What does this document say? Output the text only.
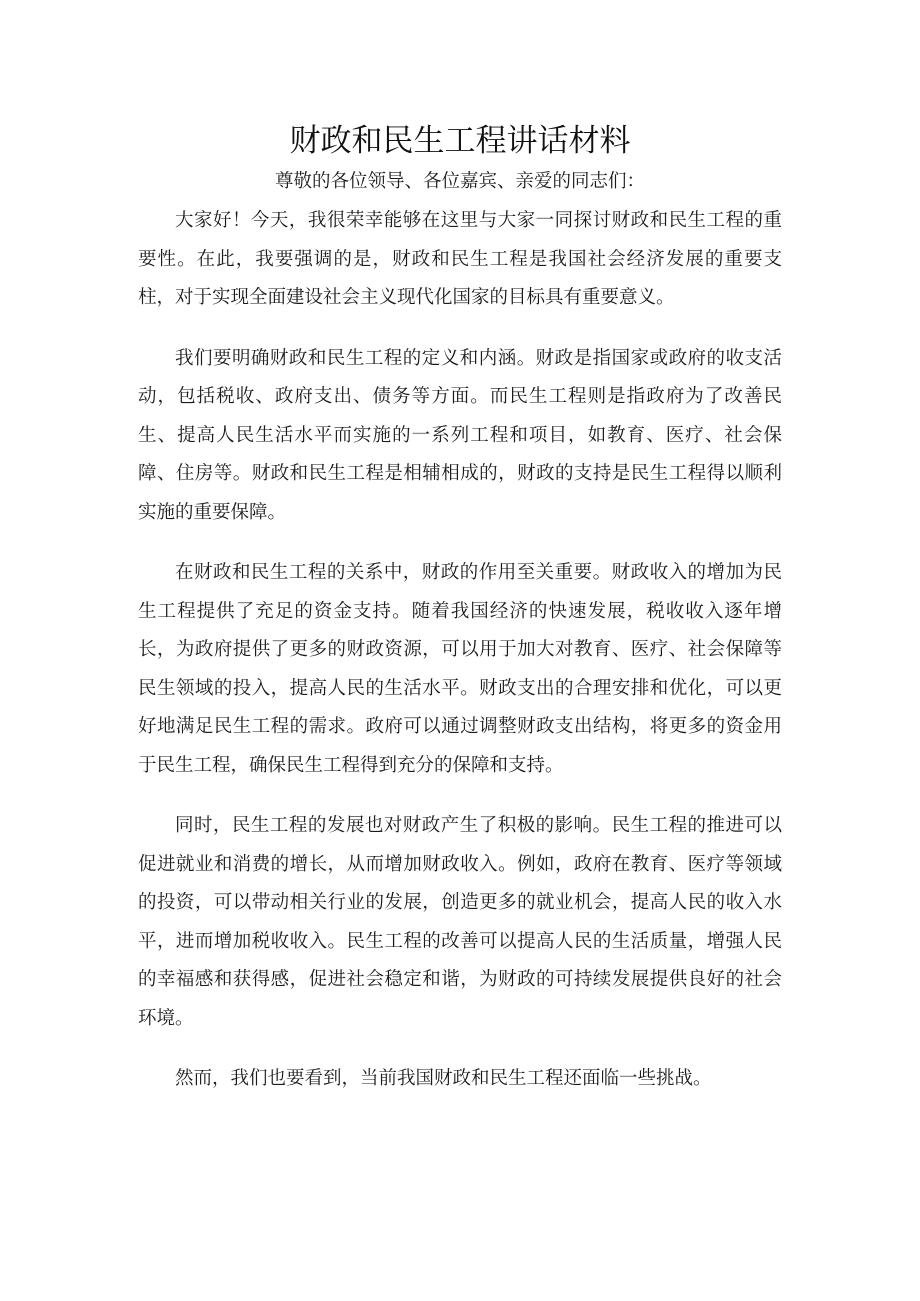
财政和民生工程讲话材料

尊敬的各位领导、各位嘉宾、亲爱的同志们：

大家好！今天，我很荣幸能够在这里与大家一同探讨财政和民生工程的重要性。在此，我要强调的是，财政和民生工程是我国社会经济发展的重要支柱，对于实现全面建设社会主义现代化国家的目标具有重要意义。

我们要明确财政和民生工程的定义和内涵。财政是指国家或政府的收支活动，包括税收、政府支出、债务等方面。而民生工程则是指政府为了改善民生、提高人民生活水平而实施的一系列工程和项目，如教育、医疗、社会保障、住房等。财政和民生工程是相辅相成的，财政的支持是民生工程得以顺利实施的重要保障。

在财政和民生工程的关系中，财政的作用至关重要。财政收入的增加为民生工程提供了充足的资金支持。随着我国经济的快速发展，税收收入逐年增长，为政府提供了更多的财政资源，可以用于加大对教育、医疗、社会保障等民生领域的投入，提高人民的生活水平。财政支出的合理安排和优化，可以更好地满足民生工程的需求。政府可以通过调整财政支出结构，将更多的资金用于民生工程，确保民生工程得到充分的保障和支持。

同时，民生工程的发展也对财政产生了积极的影响。民生工程的推进可以促进就业和消费的增长，从而增加财政收入。例如，政府在教育、医疗等领域的投资，可以带动相关行业的发展，创造更多的就业机会，提高人民的收入水平，进而增加税收收入。民生工程的改善可以提高人民的生活质量，增强人民的幸福感和获得感，促进社会稳定和谐，为财政的可持续发展提供良好的社会环境。

然而，我们也要看到，当前我国财政和民生工程还面临一些挑战。
